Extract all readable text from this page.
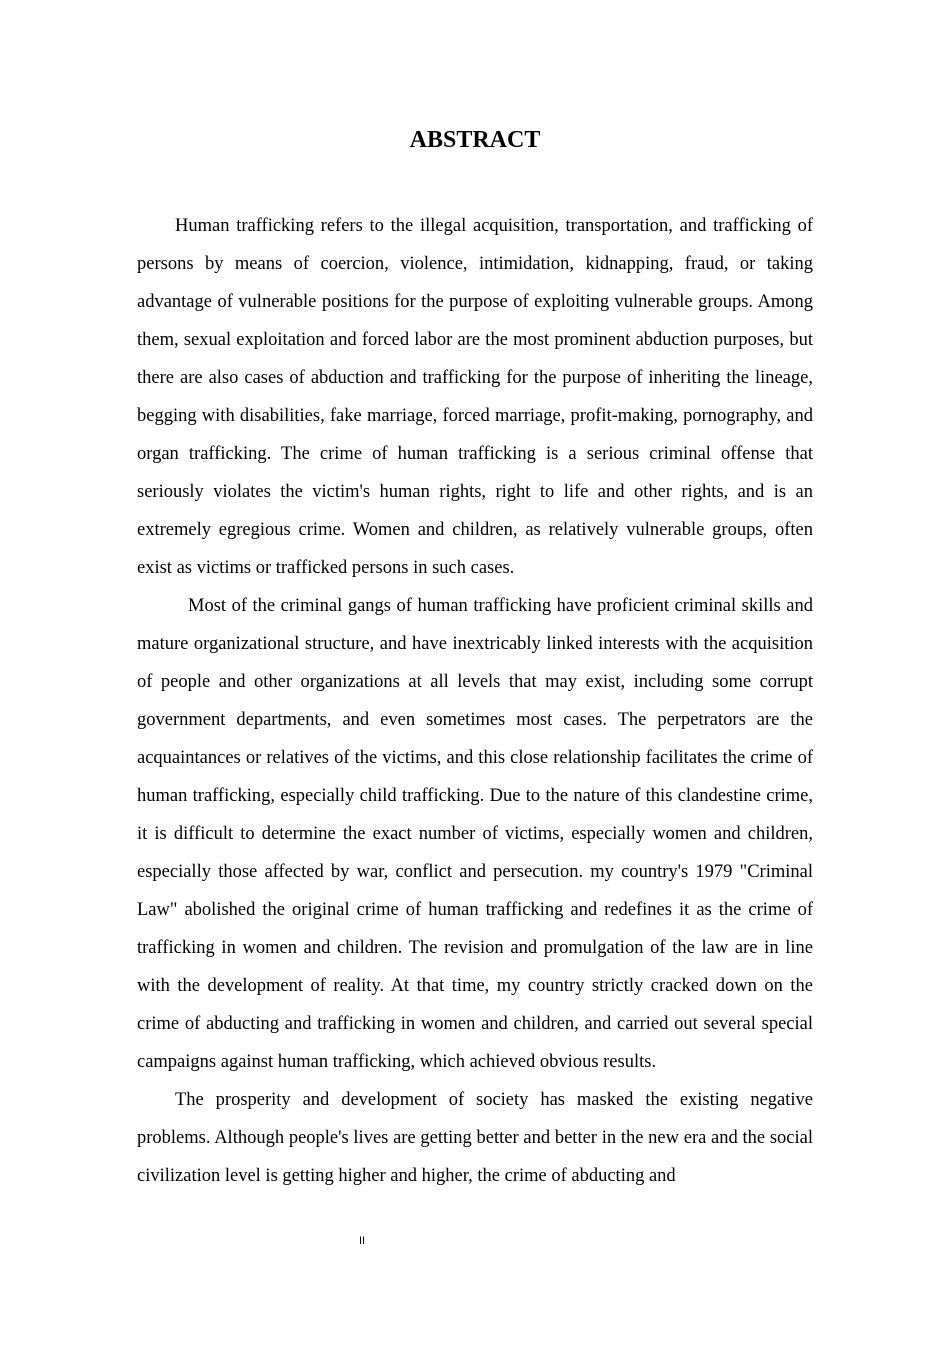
ABSTRACT

Human trafficking refers to the illegal acquisition, transportation, and trafficking of persons by means of coercion, violence, intimidation, kidnapping, fraud, or taking advantage of vulnerable positions for the purpose of exploiting vulnerable groups. Among them, sexual exploitation and forced labor are the most prominent abduction purposes, but there are also cases of abduction and trafficking for the purpose of inheriting the lineage, begging with disabilities, fake marriage, forced marriage, profit-making, pornography, and organ trafficking. The crime of human trafficking is a serious criminal offense that seriously violates the victim's human rights, right to life and other rights, and is an extremely egregious crime. Women and children, as relatively vulnerable groups, often exist as victims or trafficked persons in such cases.

Most of the criminal gangs of human trafficking have proficient criminal skills and mature organizational structure, and have inextricably linked interests with the acquisition of people and other organizations at all levels that may exist, including some corrupt government departments, and even sometimes most cases. The perpetrators are the acquaintances or relatives of the victims, and this close relationship facilitates the crime of human trafficking, especially child trafficking. Due to the nature of this clandestine crime, it is difficult to determine the exact number of victims, especially women and children, especially those affected by war, conflict and persecution. my country's 1979 "Criminal Law" abolished the original crime of human trafficking and redefines it as the crime of trafficking in women and children. The revision and promulgation of the law are in line with the development of reality. At that time, my country strictly cracked down on the crime of abducting and trafficking in women and children, and carried out several special campaigns against human trafficking, which achieved obvious results.

The prosperity and development of society has masked the existing negative problems. Although people's lives are getting better and better in the new era and the social civilization level is getting higher and higher, the crime of abducting and

II
